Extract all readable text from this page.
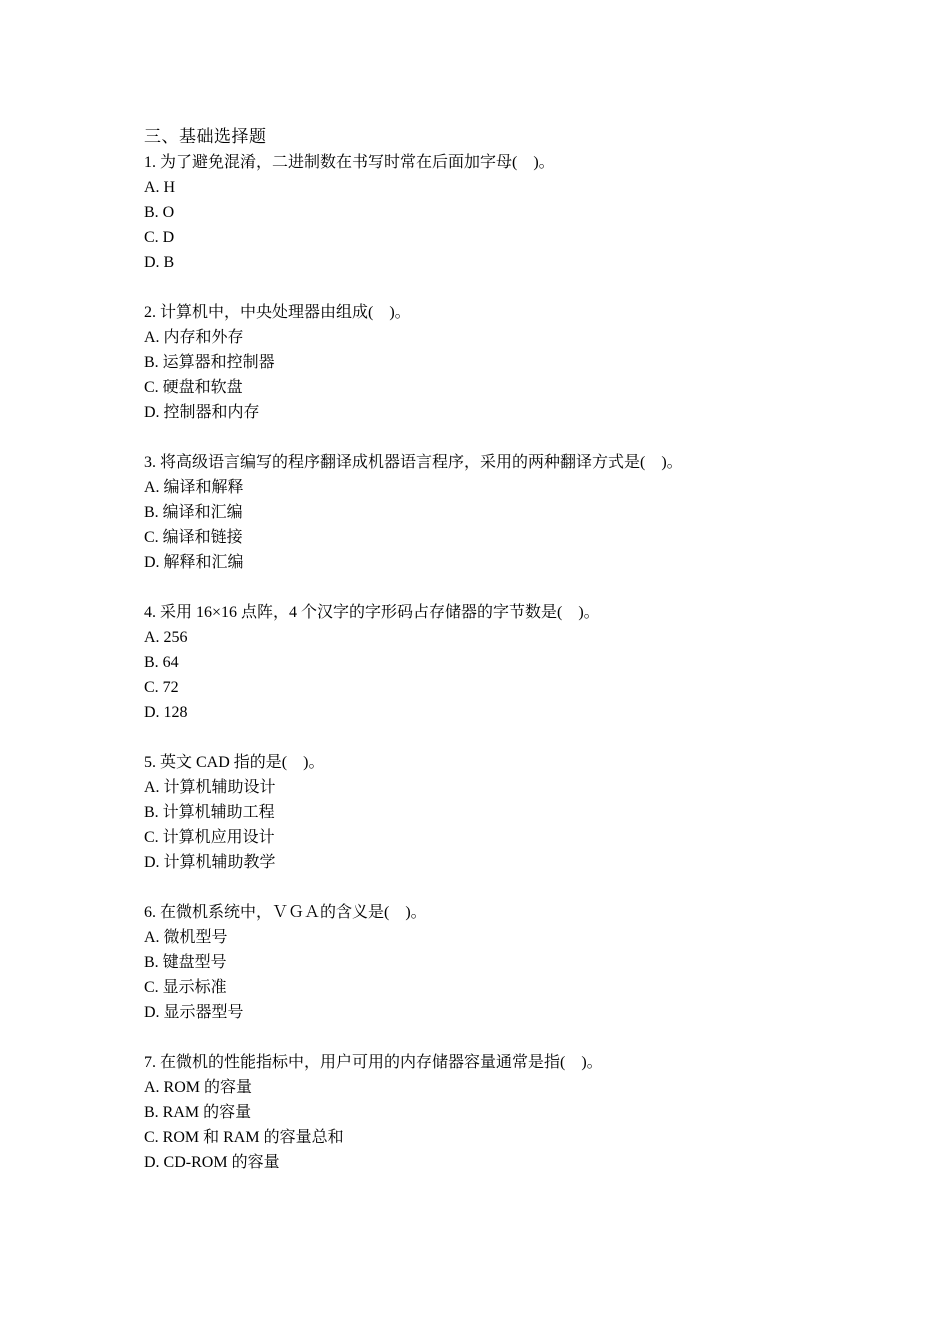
三、基础选择题
1. 为了避免混淆，二进制数在书写时常在后面加字母(    )。
A. H
B. O
C. D
D. B
2. 计算机中，中央处理器由组成(    )。
A. 内存和外存
B. 运算器和控制器
C. 硬盘和软盘
D. 控制器和内存
3. 将高级语言编写的程序翻译成机器语言程序，采用的两种翻译方式是(    )。
A. 编译和解释
B. 编译和汇编
C. 编译和链接
D. 解释和汇编
4. 采用 16×16 点阵，4 个汉字的字形码占存储器的字节数是(    )。
A. 256
B. 64
C. 72
D. 128
5. 英文 CAD 指的是(    )。
A. 计算机辅助设计
B. 计算机辅助工程
C. 计算机应用设计
D. 计算机辅助教学
6. 在微机系统中，ＶＧＡ的含义是(    )。
A. 微机型号
B. 键盘型号
C. 显示标准
D. 显示器型号
7. 在微机的性能指标中，用户可用的内存储器容量通常是指(    )。
A. ROM 的容量
B. RAM 的容量
C. ROM 和 RAM 的容量总和
D. CD-ROM 的容量
